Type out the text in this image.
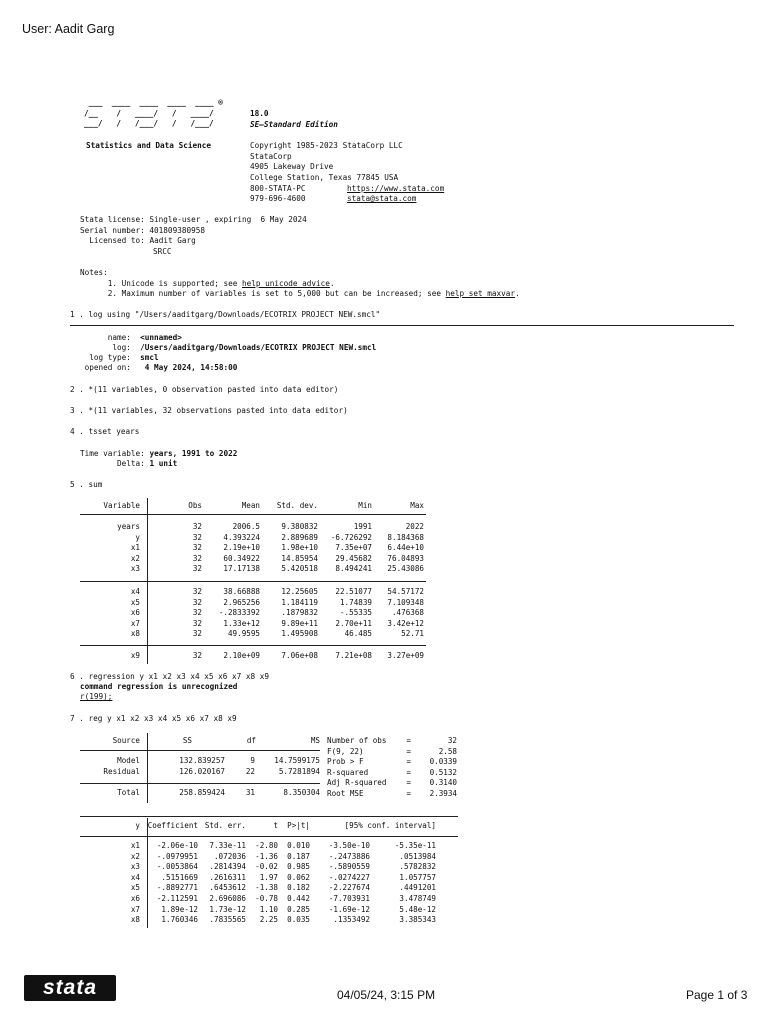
User: Aadit Garg
___  ____  ____  ____  ____ ®
/__    /   ____/   /   ____/
___/   /   /___/   /   /___/
18.0
SE—Standard Edition
Statistics and Data Science	Copyright 1985-2023 StataCorp LLC
StataCorp
4905 Lakeway Drive
College Station, Texas 77845 USA
800-STATA-PC	https://www.stata.com
979-696-4600	stata@stata.com
Stata license: Single-user , expiring  6 May 2024
Serial number: 401809380958
Licensed to: Aadit Garg
SRCC
Notes:
1. Unicode is supported; see help unicode_advice.
2. Maximum number of variables is set to 5,000 but can be increased; see help set_maxvar.
1 . log using "/Users/aaditgarg/Downloads/ECOTRIX PROJECT NEW.smcl"
name:  <unnamed>
log:  /Users/aaditgarg/Downloads/ECOTRIX PROJECT NEW.smcl
log type:  smcl
opened on:   4 May 2024, 14:58:00
2 . *(11 variables, 0 observation pasted into data editor)
3 . *(11 variables, 32 observations pasted into data editor)
4 . tsset years
Time variable: years, 1991 to 2022
Delta: 1 unit
5 . sum
Variable	Obs	Mean	Std. dev.	Min	Max
years	32	2006.5	9.380832	1991	2022
y	32	4.393224	2.889689	-6.726292	8.184368
x1	32	2.19e+10	1.98e+10	7.35e+07	6.44e+10
x2	32	60.34922	14.85954	29.45682	76.04893
x3	32	17.17138	5.420518	8.494241	25.43086
x4	32	38.66888	12.25605	22.51077	54.57172
x5	32	2.965256	1.184119	1.74839	7.109348
x6	32	-.2833392	.1879832	-.55335	.476368
x7	32	1.33e+12	9.89e+11	2.70e+11	3.42e+12
x8	32	49.9595	1.495908	46.485	52.71
x9	32	2.10e+09	7.06e+08	7.21e+08	3.27e+09
6 . regression y x1 x2 x3 x4 x5 x6 x7 x8 x9
command regression is unrecognized
r(199);
7 . reg y x1 x2 x3 x4 x5 x6 x7 x8 x9
Source	SS	df	MS
Model	132.839257	9	14.7599175
Residual	126.020167	22	5.7281894
Total	258.859424	31	8.350304
Number of obs	=	32
F(9, 22)	=	2.58
Prob > F	=	0.0339
R-squared	=	0.5132
Adj R-squared	=	0.3140
Root MSE	=	2.3934
y	Coefficient	Std. err.	t	P>|t|	[95% conf. interval]
x1	-2.06e-10	7.33e-11	-2.80	0.010	-3.50e-10	-5.35e-11
x2	-.0979951	.072036	-1.36	0.187	-.2473886	.0513984
x3	-.0053864	.2814394	-0.02	0.985	-.5890559	.5782832
x4	.5151669	.2616311	1.97	0.062	-.0274227	1.057757
x5	-.8892771	.6453612	-1.38	0.182	-2.227674	.4491201
x6	-2.112591	2.696086	-0.78	0.442	-7.703931	3.478749
x7	1.89e-12	1.73e-12	1.10	0.285	-1.69e-12	5.48e-12
x8	1.760346	.7835565	2.25	0.035	.1353492	3.385343
stata	04/05/24, 3:15 PM	Page 1 of 3
